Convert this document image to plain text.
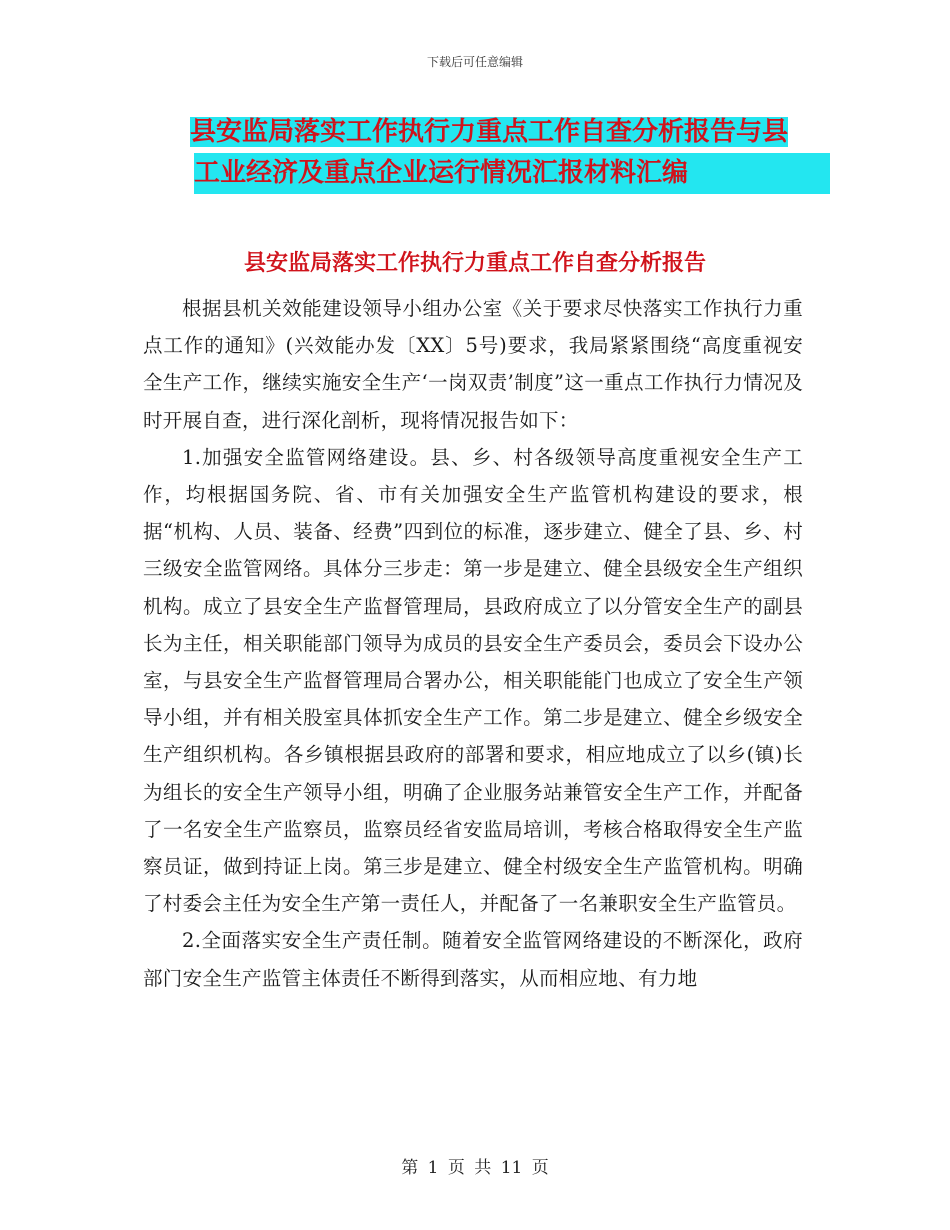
下载后可任意编辑
县安监局落实工作执行力重点工作自查分析报告与县
工业经济及重点企业运行情况汇报材料汇编
县安监局落实工作执行力重点工作自查分析报告

根据县机关效能建设领导小组办公室《关于要求尽快落实工作执行力重点工作的通知》(兴效能办发〔XX〕5号)要求，我局紧紧围绕“高度重视安全生产工作，继续实施安全生产‘一岗双责’制度”这一重点工作执行力情况及时开展自查，进行深化剖析，现将情况报告如下：

1.加强安全监管网络建设。县、乡、村各级领导高度重视安全生产工作，均根据国务院、省、市有关加强安全生产监管机构建设的要求，根据“机构、人员、装备、经费”四到位的标准，逐步建立、健全了县、乡、村三级安全监管网络。具体分三步走：第一步是建立、健全县级安全生产组织机构。成立了县安全生产监督管理局，县政府成立了以分管安全生产的副县长为主任，相关职能部门领导为成员的县安全生产委员会，委员会下设办公室，与县安全生产监督管理局合署办公，相关职能能门也成立了安全生产领导小组，并有相关股室具体抓安全生产工作。第二步是建立、健全乡级安全生产组织机构。各乡镇根据县政府的部署和要求，相应地成立了以乡(镇)长为组长的安全生产领导小组，明确了企业服务站兼管安全生产工作，并配备了一名安全生产监察员，监察员经省安监局培训，考核合格取得安全生产监察员证，做到持证上岗。第三步是建立、健全村级安全生产监管机构。明确了村委会主任为安全生产第一责任人，并配备了一名兼职安全生产监管员。

2.全面落实安全生产责任制。随着安全监管网络建设的不断深化，政府部门安全生产监管主体责任不断得到落实，从而相应地、有力地

第 1 页 共 11 页
